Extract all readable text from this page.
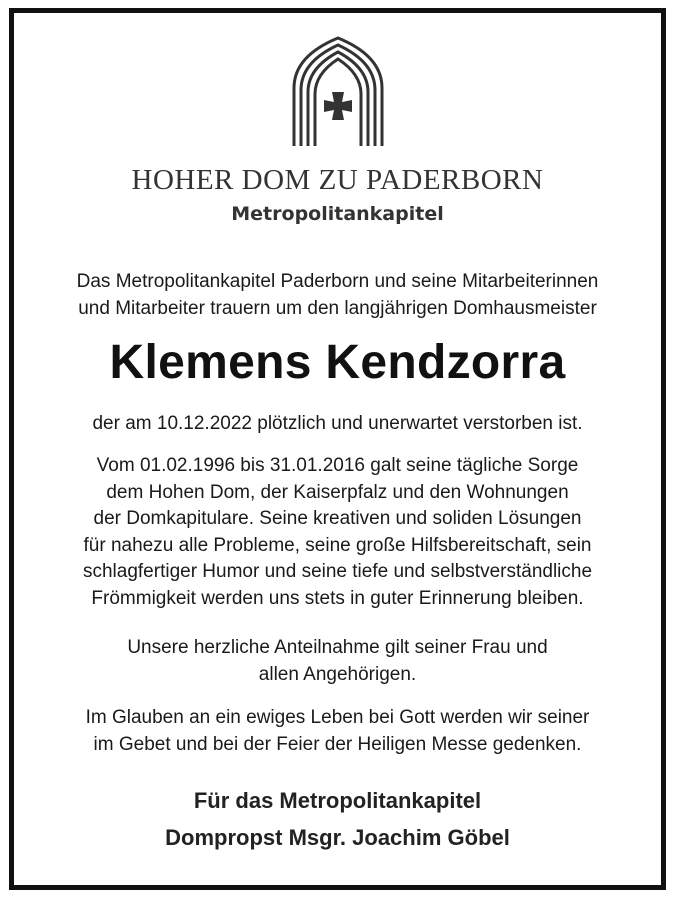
HOHER DOM ZU PADERBORN
Metropolitankapitel
Das Metropolitankapitel Paderborn und seine Mitarbeiterinnen
und Mitarbeiter trauern um den langjährigen Domhausmeister
Klemens Kendzorra
der am 10.12.2022 plötzlich und unerwartet verstorben ist.
Vom 01.02.1996 bis 31.01.2016 galt seine tägliche Sorge
dem Hohen Dom, der Kaiserpfalz und den Wohnungen
der Domkapitulare. Seine kreativen und soliden Lösungen
für nahezu alle Probleme, seine große Hilfsbereitschaft, sein
schlagfertiger Humor und seine tiefe und selbstverständliche
Frömmigkeit werden uns stets in guter Erinnerung bleiben.
Unsere herzliche Anteilnahme gilt seiner Frau und
allen Angehörigen.
Im Glauben an ein ewiges Leben bei Gott werden wir seiner
im Gebet und bei der Feier der Heiligen Messe gedenken.
Für das Metropolitankapitel
Dompropst Msgr. Joachim Göbel
